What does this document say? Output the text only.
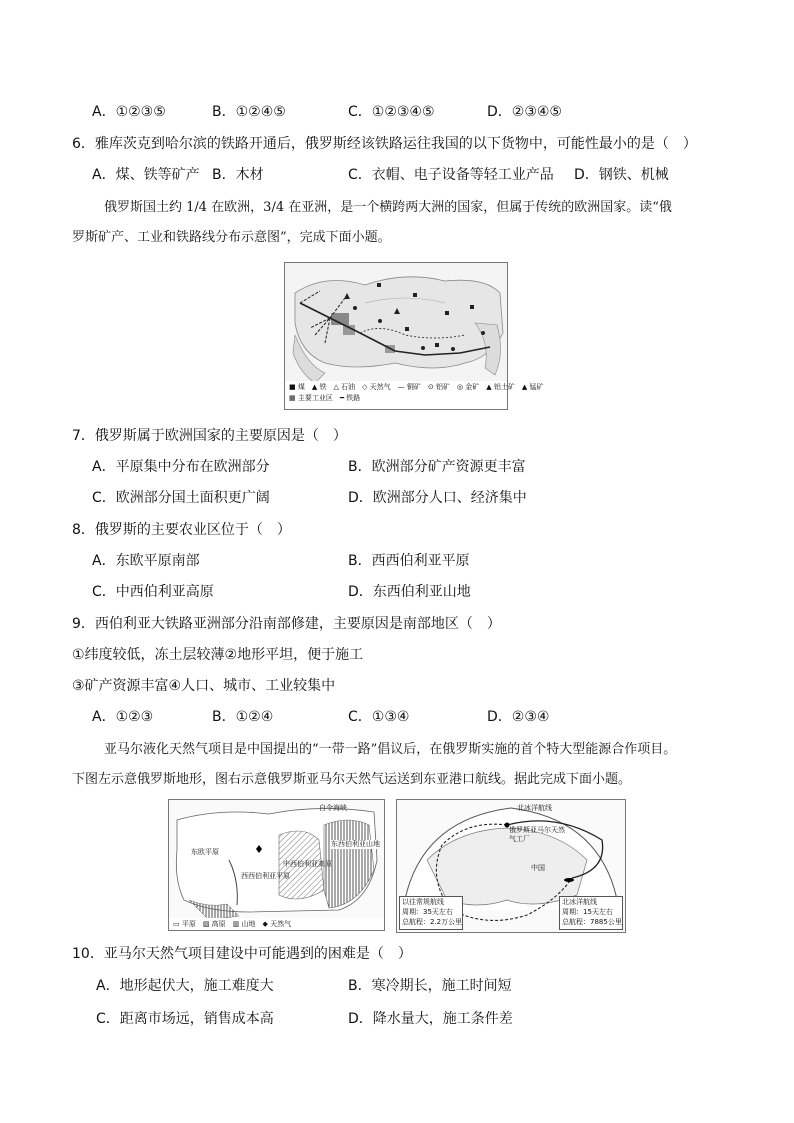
A．①②③⑤	B．①②④⑤	C．①②③④⑤	D．②③④⑤
6．雅库茨克到哈尔滨的铁路开通后，俄罗斯经该铁路运往我国的以下货物中，可能性最小的是（　）
A．煤、铁等矿产 B．木材	C．衣帽、电子设备等轻工业产品 D．钢铁、机械
俄罗斯国土约 1/4 在欧洲，3/4 在亚洲，是一个横跨两大洲的国家，但属于传统的欧洲国家。读“俄
罗斯矿产、工业和铁路线分布示意图”，完成下面小题。
■ 煤　▲ 铁　△ 石油　◇ 天然气　— 铜矿　⊙ 铝矿　◎ 金矿　▲ 铝土矿　▲ 锰矿
▦ 主要工业区　━ 铁路
7．俄罗斯属于欧洲国家的主要原因是（　）
A．平原集中分布在欧洲部分	B．欧洲部分矿产资源更丰富
C．欧洲部分国土面积更广阔	D．欧洲部分人口、经济集中
8．俄罗斯的主要农业区位于（　）
A．东欧平原南部	B．西西伯利亚平原
C．中西伯利亚高原	D．东西伯利亚山地
9．西伯利亚大铁路亚洲部分沿南部修建，主要原因是南部地区（　）
①纬度较低，冻土层较薄②地形平坦，便于施工
③矿产资源丰富④人口、城市、工业较集中
A．①②③	B．①②④	C．①③④	D．②③④
亚马尔液化天然气项目是中国提出的“一带一路”倡议后，在俄罗斯实施的首个特大型能源合作项目。
下图左示意俄罗斯地形，图右示意俄罗斯亚马尔天然气运送到东亚港口航线。据此完成下面小题。
白令海峡
东欧平原
西西伯利亚平原
中西伯利亚高原
东西伯利亚山地
▭ 平原　▨ 高原　▥ 山地　◆ 天然气
北冰洋航线
俄罗斯亚马尔天然气工厂
中国
以往常规航线
周期：35天左右
总航程：2.2万公里
北冰洋航线
周期：15天左右
总航程：7885公里
10．亚马尔天然气项目建设中可能遇到的困难是（　）
A．地形起伏大，施工难度大	B．寒冷期长，施工时间短
C．距离市场远，销售成本高	D．降水量大，施工条件差
